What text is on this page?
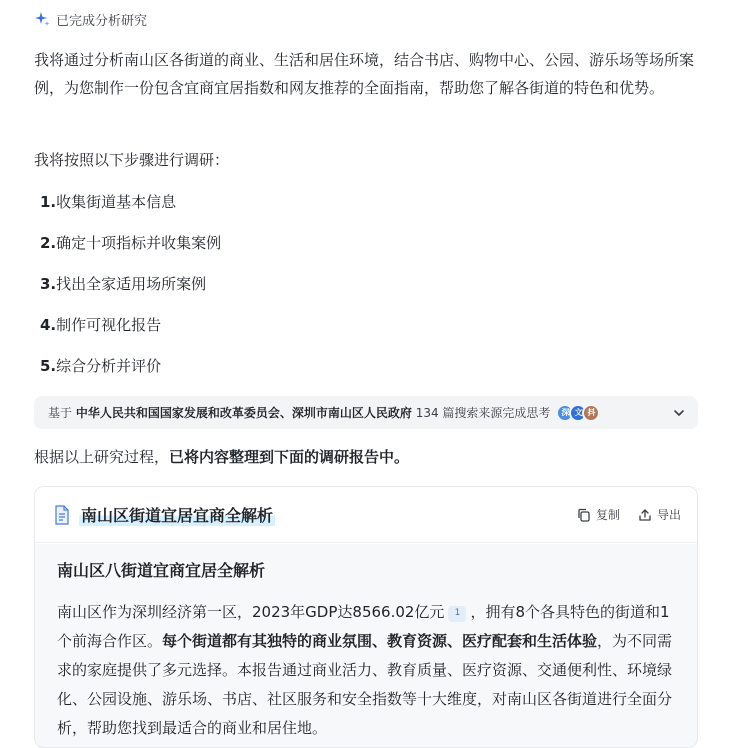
已完成分析研究

我将通过分析南山区各街道的商业、生活和居住环境，结合书店、购物中心、公园、游乐场等场所案例，为您制作一份包含宜商宜居指数和网友推荐的全面指南，帮助您了解各街道的特色和优势。

我将按照以下步骤进行调研：

1. 收集街道基本信息
2. 确定十项指标并收集案例
3. 找出全家适用场所案例
4. 制作可视化报告
5. 综合分析并评价
基于
中华人民共和国国家发展和改革委员会、深圳市南山区人民政府
134
篇搜索来源完成思考	深 文 抖

根据以上研究过程，已将内容整理到下面的调研报告中。

南山区街道宜居宜商全解析	复制	导出
南山区八街道宜商宜居全解析

南山区作为深圳经济第一区，2023年GDP达8566.02亿元 1 ，拥有8个各具特色的街道和1个前海合作区。每个街道都有其独特的商业氛围、教育资源、医疗配套和生活体验，为不同需求的家庭提供了多元选择。本报告通过商业活力、教育质量、医疗资源、交通便利性、环境绿化、公园设施、游乐场、书店、社区服务和安全指数等十大维度，对南山区各街道进行全面分析，帮助您找到最适合的商业和居住地。
